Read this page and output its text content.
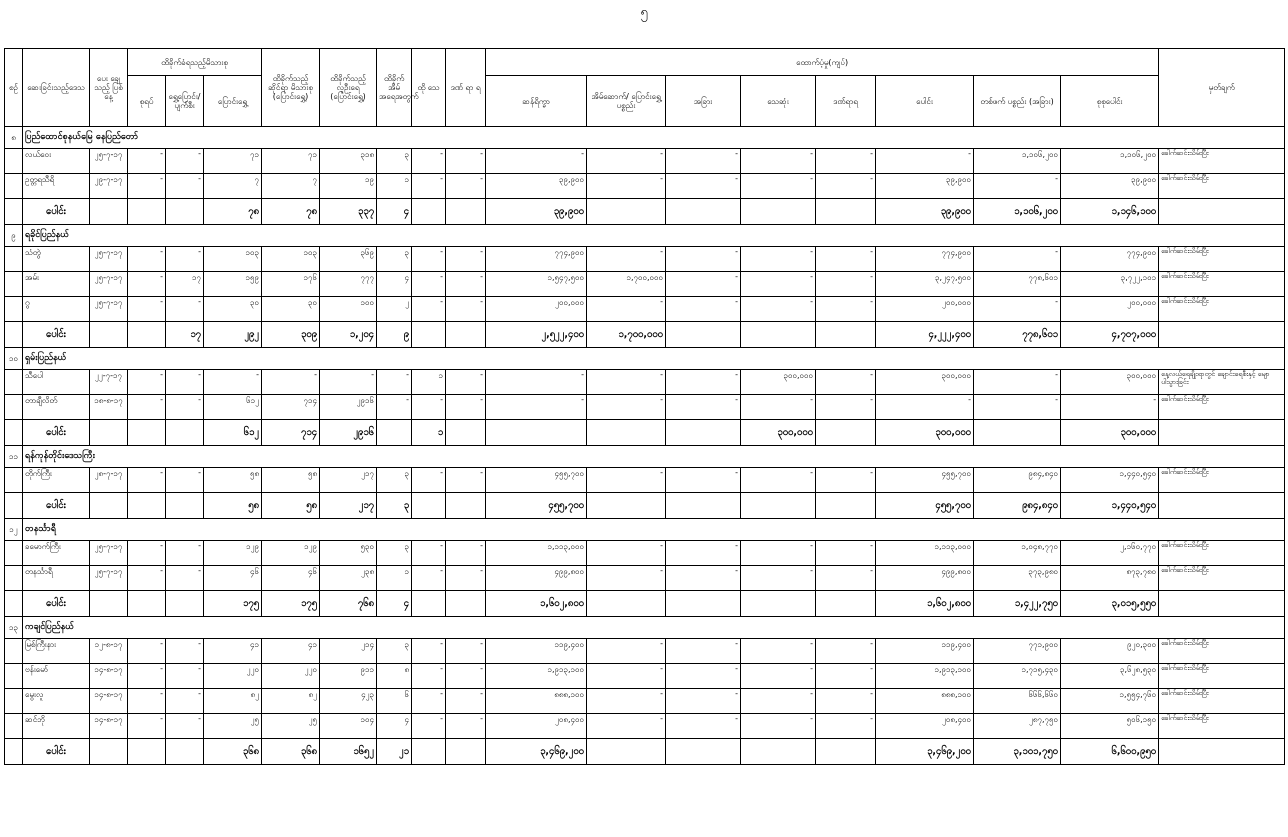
၅
စဉ်	ဆေးခြင်းသည့်ဒေသ	ပေး ချေသည့် ပြစ်နေ့	ထိခိုက်ခံရသည့်မိသားစု			ထိခိုက်သည့် ဆိုင်ရာ မိသားစု (ပြောင်းရွှေ့)	ထိခိုက်သည့် လူဦးရေ (ပြောင်းရွှေ့)	ထိခိုက် အိမ် အရေအတွက်	ထို သေ	ဒဏ် ရာ ရ	ထောက်ပံ့မှု(ကျပ်)								မှတ်ချက်
			စုရပ်	ရွှေ့ပြောင်း/ ပျက်စီး	ပြောင်းရွှေ့						ဆန်ရိက္ခာ	အိမ်ဆောက်/ ပြောင်းရွှေ့ ပစ္စည်း	အခြား	သေဆုံး	ဒဏ်ရာရ	ပေါင်း	တစ်ဖက် ပစ္စည်း (အခြား)	စုစုပေါင်း	
၈	ပြည်ထောင်စုနယ်မြေ နေပြည်တော်																		
	လယ်ဝေး	၂၅-၇-၁၇	-	-	၇၁	၇၁	၃၁၈	၃	-	-	-	-	-	-	-	-	၁,၁၀၆,၂၀၀	၁,၁၀၆,၂၀၀	ခေါက်ဆင်းသိမ်းပြီး
	ဥတ္တရသီရိ	၂၉-၇-၁၇	-	-	၇	၇	၁၉	၁	-	-	၃၉,၉၀၀	-	-	-	-	၃၉,၉၀၀	-	၃၉,၉၀၀	ခေါက်ဆင်းသိမ်းပြီး
	ပေါင်း				၇၈	၇၈	၃၃၇	၄			၃၉,၉၀၀					၃၉,၉၀၀	၁,၁၀၆,၂၀၀	၁,၁၄၆,၁၀၀	
၉	ရခိုင်ပြည်နယ်																		
	သံတွဲ	၂၅-၇-၁၇	-	-	၁၀၃	၁၀၃	၃၆၉	၃	-	-	၇၇၄,၉၀၀	-	-	-	-	၇၇၄,၉၀၀	-	၇၇၄,၉၀၀	ခေါက်ဆင်းသိမ်းပြီး
	အမ်း	၂၅-၇-၁၇	-	၁၇	၁၅၉	၁၇၆	၇၇၇	၄	-	-	၁,၅၄၇,၅၀၀	၁,၇၀၀,၀၀၀	-	-	-	၃,၂၄၇,၅၀၀	၇၇၈,၆၀၁	၃,၇၂၂,၁၀၁	ခေါက်ဆင်းသိမ်းပြီး
	ဂွ	၂၅-၇-၁၇	-	-	၃၀	၃၀	၁၀၀	၂	-	-	၂၀၀,၀၀၀	-	-	-	-	၂၀၀,၀၀၀	-	၂၀၀,၀၀၀	ခေါက်ဆင်းသိမ်းပြီး
	ပေါင်း			၁၇	၂၉၂	၃၀၉	၁,၂၀၄	၉			၂,၅၂၂,၄၀၀	၁,၇၀၀,၀၀၀				၄,၂၂၂,၄၀၀	၇၇၈,၆၀၁	၄,၇၀၇,၀၀၀	
၁၀	ရှမ်းပြည်နယ်																		
	သီပေါ	၂၂-၇-၁၇	-	-	-	-	-	-	၁	-	-	-	-	၃၀၀,၀၀၀	-	၃၀၀,၀၀၀	-	၃၀၀,၀၀၀	နေ့လယ်ရေချိုးရာတွင် ချောင်းရေစီးနှင့် မျောပါသွားခြင်း
	တာချီလိတ်	၁၈-၈-၁၇	-	-	၆၁၂	၇၁၄	၂၉၁၆	-	-	-	-	-	-	-	-	-	-	-	ခေါက်ဆင်းသိမ်းပြီး
	ပေါင်း				၆၁၂	၇၁၄	၂၉၁၆		၁					၃၀၀,၀၀၀		၃၀၀,၀၀၀		၃၀၀,၀၀၀	
၁၁	ရန်ကုန်တိုင်းဒေသကြီး																		
	တိုက်ကြီး	၂၈-၇-၁၇	-	-	၅၈	၅၈	၂၁၇	၃	-	-	၄၅၅,၇၀၀	-	-	-	-	၄၅၅,၇၀၀	၉၈၄,၈၄၀	၁,၄၄၀,၅၄၀	ခေါက်ဆင်းသိမ်းပြီး
	ပေါင်း				၅၈	၅၈	၂၁၇	၃			၄၅၅,၇၀၀					၄၅၅,၇၀၀	၉၈၄,၈၄၀	၁,၄၄၀,၅၄၀	
၁၂	တနင်္သာရီ																		
	ခမောက်ကြီး	၂၅-၇-၁၇	-	-	၁၂၉	၁၂၉	၅၃၀	၃	-	-	၁,၁၁၃,၀၀၀	-	-	-	-	၁,၁၁၃,၀၀၀	၁,၀၄၈,၇၇၀	၂,၁၆၀,၇၇၀	ခေါက်ဆင်းသိမ်းပြီး
	တနင်္သာရီ	၂၅-၇-၁၇	-	-	၄၆	၄၆	၂၃၈	၁	-	-	၄၉၉,၈၀၀	-	-	-	-	၄၉၉,၈၀၀	၃၇၃,၉၈၀	၈၇၃,၇၈၀	ခေါက်ဆင်းသိမ်းပြီး
	ပေါင်း				၁၇၅	၁၇၅	၇၆၈	၄			၁,၆၀၂,၈၀၀					၁,၆၀၂,၈၀၀	၁,၄၂၂,၇၅၀	၃,၀၁၅,၅၅၀	
၁၃	ကချင်ပြည်နယ်																		
	မြစ်ကြီးနား	၁၂-၈-၁၇	-	-	၄၁	၄၁	၂၁၄	၃	-	-	၁၁၉,၄၀၀	-	-	-	-	၁၁၉,၄၀၀	၇၇၁,၉၀၀	၉၂၀,၃၀၀	ခေါက်ဆင်းသိမ်းပြီး
	ဗန်းမော်	၁၄-၈-၁၇	-	-	၂၂၀	၂၂၀	၉၁၁	၈	-	-	၁,၉၁၃,၁၀၀	-	-	-	-	၁,၉၁၃,၁၀၀	၁,၇၁၅,၄၃၀	၃,၆၂၈,၅၃၀	ခေါက်ဆင်းသိမ်းပြီး
	မွေးလူ	၁၄-၈-၁၇	-	-	၈၂	၈၂	၄၂၃	၆	-	-	၈၈၈,၁၀၀	-	-	-	-	၈၈၈,၁၀၀	၆၆၆,၆၆၀	၁,၅၅၄,၇၆၀	ခေါက်ဆင်းသိမ်းပြီး
	ဆင်ဘို	၁၄-၈-၁၇	-	-	၂၅	၂၅	၁၀၄	၄	-	-	၂၀၈,၄၀၀	-	-	-	-	၂၀၈,၄၀၀	၂၈၇,၇၅၀	၅၀၆,၁၅၀	ခေါက်ဆင်းသိမ်းပြီး
	ပေါင်း				၃၆၈	၃၆၈	၁၆၅၂	၂၁			၃,၄၆၉,၂၀၀					၃,၄၆၉,၂၀၀	၃,၁၀၁,၇၅၀	၆,၆၀၀,၉၅၀	
